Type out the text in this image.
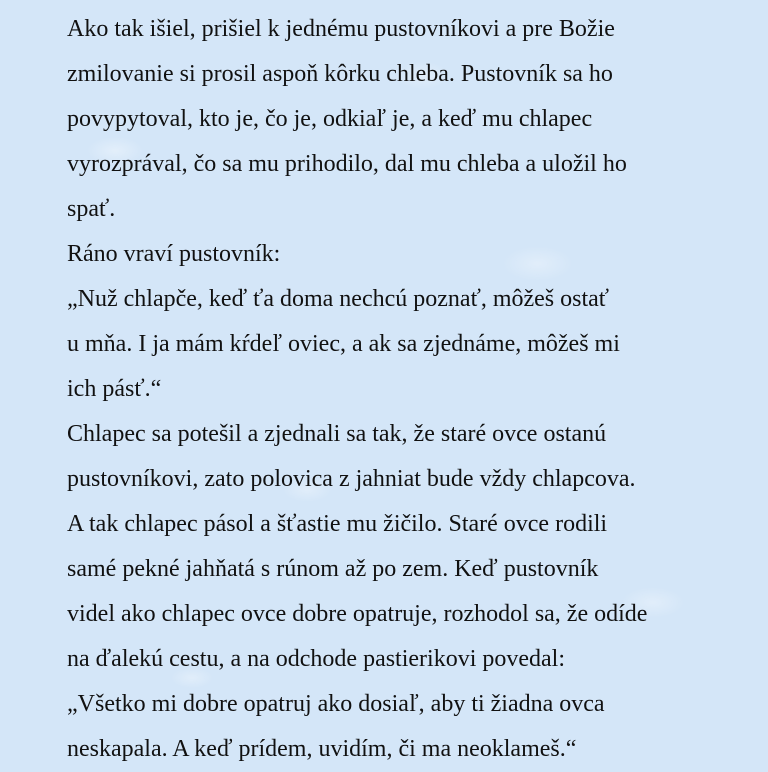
Ako tak išiel, prišiel k jednému pustovníkovi a pre Božie
zmilovanie si prosil aspoň kôrku chleba. Pustovník sa ho
povypytoval, kto je, čo je, odkiaľ je, a keď mu chlapec
vyrozprával, čo sa mu prihodilo, dal mu chleba a uložil ho
spať.
Ráno vraví pustovník:
„Nuž chlapče, keď ťa doma nechcú poznať, môžeš ostať
u mňa. I ja mám kŕdeľ oviec, a ak sa zjednáme, môžeš mi
ich pásť.“
Chlapec sa potešil a zjednali sa tak, že staré ovce ostanú
pustovníkovi, zato polovica z jahniat bude vždy chlapcova.
A tak chlapec pásol a šťastie mu žičilo. Staré ovce rodili
samé pekné jahňatá s rúnom až po zem. Keď pustovník
videl ako chlapec ovce dobre opatruje, rozhodol sa, že odíde
na ďalekú cestu, a na odchode pastierikovi povedal:
„Všetko mi dobre opatruj ako dosiaľ, aby ti žiadna ovca
neskapala. A keď prídem, uvidím, či ma neoklameš.“
